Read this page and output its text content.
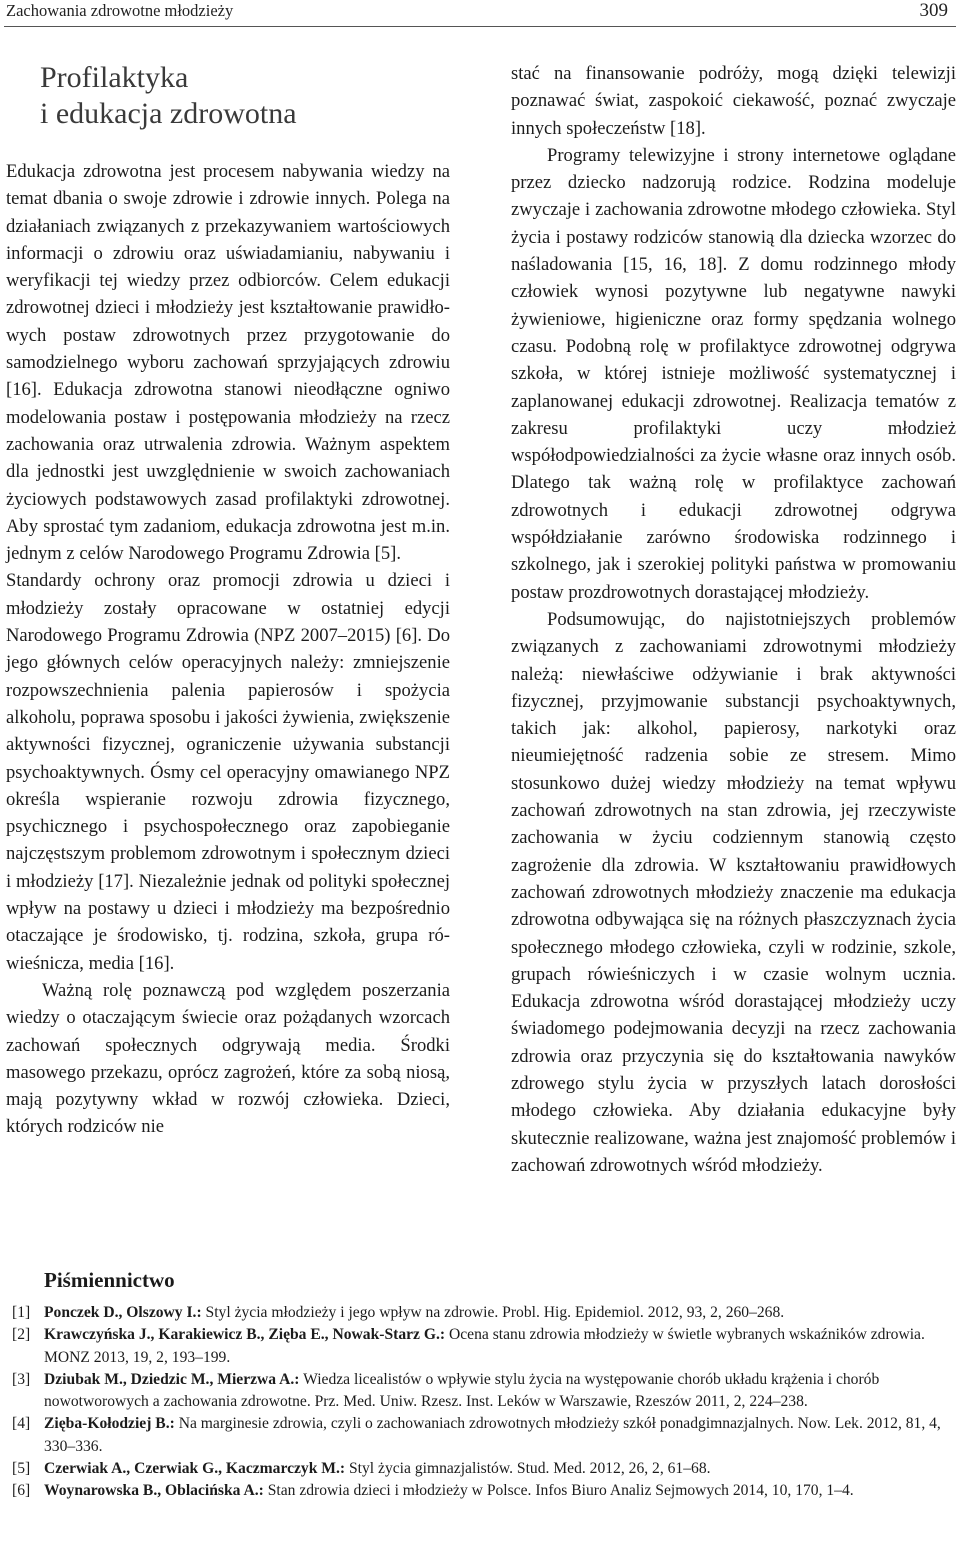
Zachowania zdrowotne młodzieży	309
Profilaktyka
i edukacja zdrowotna

Edukacja zdrowotna jest procesem nabywania wiedzy na temat dbania o swoje zdrowie i zdrowie innych. Polega na działaniach związanych z przekazywaniem wartościowych informacji o zdrowiu oraz uświadamianiu, nabywaniu i weryfikacji tej wiedzy przez odbiorców. Celem edukacji zdrowotnej dzieci i młodzieży jest kształtowanie prawidłowych postaw zdrowotnych przez przygotowanie do samodzielnego wyboru zachowań sprzyjających zdrowiu [16]. Edukacja zdrowotna stanowi nieodłączne ogniwo modelowania postaw i postępowania młodzieży na rzecz zachowania oraz utrwalenia zdrowia. Ważnym aspektem dla jednostki jest uwzględnienie w swoich zachowaniach życiowych podstawowych zasad profilaktyki zdrowotnej. Aby sprostać tym zadaniom, edukacja zdrowotna jest m.in. jednym z celów Narodowego Programu Zdrowia [5].

Standardy ochrony oraz promocji zdrowia u dzieci i młodzieży zostały opracowane w ostatniej edycji Narodowego Programu Zdrowia (NPZ 2007–2015) [6]. Do jego głównych celów operacyjnych należy: zmniejszenie rozpowszechnienia palenia papierosów i spożycia alkoholu, poprawa sposobu i jakości żywienia, zwiększenie aktywności fizycznej, ograniczenie używania substancji psychoaktywnych. Ósmy cel operacyjny omawianego NPZ określa wspieranie rozwoju zdrowia fizycznego, psychicznego i psychospołecznego oraz zapobieganie najczęstszym problemom zdrowotnym i społecznym dzieci i młodzieży [17]. Niezależnie jednak od polityki społecznej wpływ na postawy u dzieci i młodzieży ma bezpośrednio otaczające je środowisko, tj. rodzina, szkoła, grupa rówieśnicza, media [16].

Ważną rolę poznawczą pod względem poszerzania wiedzy o otaczającym świecie oraz pożądanych wzorcach zachowań społecznych odgrywają media. Środki masowego przekazu, oprócz zagrożeń, które za sobą niosą, mają pozytywny wkład w rozwój człowieka. Dzieci, których rodziców nie

stać na finansowanie podróży, mogą dzięki telewizji poznawać świat, zaspokoić ciekawość, poznać zwyczaje innych społeczeństw [18].

Programy telewizyjne i strony internetowe oglądane przez dziecko nadzorują rodzice. Rodzina modeluje zwyczaje i zachowania zdrowotne młodego człowieka. Styl życia i postawy rodziców stanowią dla dziecka wzorzec do naśladowania [15, 16, 18]. Z domu rodzinnego młody człowiek wynosi pozytywne lub negatywne nawyki żywieniowe, higieniczne oraz formy spędzania wolnego czasu. Podobną rolę w profilaktyce zdrowotnej odgrywa szkoła, w której istnieje możliwość systematycznej i zaplanowanej edukacji zdrowotnej. Realizacja tematów z zakresu profilaktyki uczy młodzież współodpowiedzialności za życie własne oraz innych osób. Dlatego tak ważną rolę w profilaktyce zachowań zdrowotnych i edukacji zdrowotnej odgrywa współdziałanie zarówno środowiska rodzinnego i szkolnego, jak i szerokiej polityki państwa w promowaniu postaw prozdrowotnych dorastającej młodzieży.

Podsumowując, do najistotniejszych problemów związanych z zachowaniami zdrowotnymi młodzieży należą: niewłaściwe odżywianie i brak aktywności fizycznej, przyjmowanie substancji psychoaktywnych, takich jak: alkohol, papierosy, narkotyki oraz nieumiejętność radzenia sobie ze stresem. Mimo stosunkowo dużej wiedzy młodzieży na temat wpływu zachowań zdrowotnych na stan zdrowia, jej rzeczywiste zachowania w życiu codziennym stanowią często zagrożenie dla zdrowia. W kształtowaniu prawidłowych zachowań zdrowotnych młodzieży znaczenie ma edukacja zdrowotna odbywająca się na różnych płaszczyznach życia społecznego młodego człowieka, czyli w rodzinie, szkole, grupach rówieśniczych i w czasie wolnym ucznia. Edukacja zdrowotna wśród dorastającej młodzieży uczy świadomego podejmowania decyzji na rzecz zachowania zdrowia oraz przyczynia się do kształtowania nawyków zdrowego stylu życia w przyszłych latach dorosłości młodego człowieka. Aby działania edukacyjne były skutecznie realizowane, ważna jest znajomość problemów i zachowań zdrowotnych wśród młodzieży.

Piśmiennictwo

[1] Ponczek D., Olszowy I.: Styl życia młodzieży i jego wpływ na zdrowie. Probl. Hig. Epidemiol. 2012, 93, 2, 260–268.

[2] Krawczyńska J., Karakiewicz B., Zięba E., Nowak-Starz G.: Ocena stanu zdrowia młodzieży w świetle wybranych wskaźników zdrowia. MONZ 2013, 19, 2, 193–199.

[3] Dziubak M., Dziedzic M., Mierzwa A.: Wiedza licealistów o wpływie stylu życia na występowanie chorób układu krążenia i chorób nowotworowych a zachowania zdrowotne. Prz. Med. Uniw. Rzesz. Inst. Leków w Warszawie, Rzeszów 2011, 2, 224–238.

[4] Zięba-Kołodziej B.: Na marginesie zdrowia, czyli o zachowaniach zdrowotnych młodzieży szkół ponadgimnazjalnych. Now. Lek. 2012, 81, 4, 330–336.

[5] Czerwiak A., Czerwiak G., Kaczmarczyk M.: Styl życia gimnazjalistów. Stud. Med. 2012, 26, 2, 61–68.

[6] Woynarowska B., Oblacińska A.: Stan zdrowia dzieci i młodzieży w Polsce. Infos Biuro Analiz Sejmowych 2014, 10, 170, 1–4.
